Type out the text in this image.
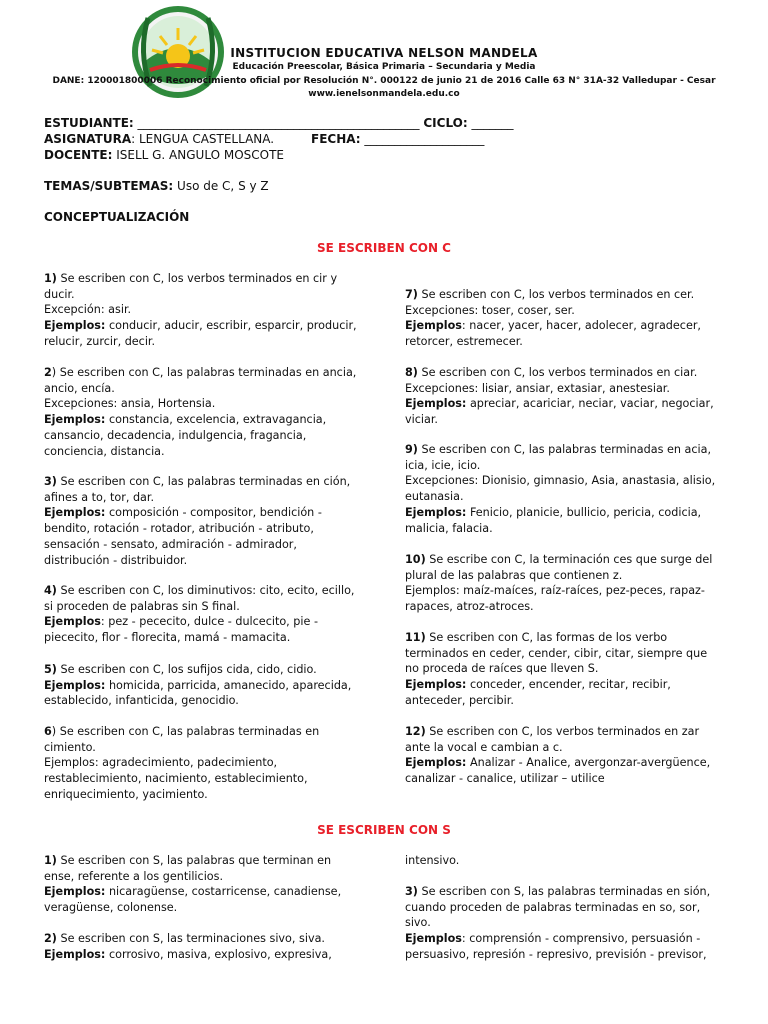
INSTITUCION EDUCATIVA NELSON MANDELA
Educación Preescolar, Básica Primaria – Secundaria y Media
DANE: 120001800006 Reconocimiento oficial por Resolución N°. 000122 de junio 21 de 2016 Calle 63 N° 31A-32 Valledupar - Cesar
www.ienelsonmandela.edu.co
ESTUDIANTE: _______________________________________________ CICLO: _______
ASIGNATURA: LENGUA CASTELLANA.	FECHA: ____________________
DOCENTE: ISELL G. ANGULO MOSCOTE
TEMAS/SUBTEMAS: Uso de C, S y Z
CONCEPTUALIZACIÓN
SE ESCRIBEN CON C

1) Se escriben con C, los verbos terminados en cir y ducir.

Excepción: asir.

Ejemplos: conducir, aducir, escribir, esparcir, producir, relucir, zurcir, decir.

2) Se escriben con C, las palabras terminadas en ancia, ancio, encía.

Excepciones: ansia, Hortensia.

Ejemplos: constancia, excelencia, extravagancia, cansancio, decadencia, indulgencia, fragancia, conciencia, distancia.

3) Se escriben con C, las palabras terminadas en ción, afines a to, tor, dar.

Ejemplos: composición - compositor, bendición - bendito, rotación - rotador, atribución - atributo, sensación - sensato, admiración - admirador, distribución - distribuidor.

4) Se escriben con C, los diminutivos: cito, ecito, ecillo, si proceden de palabras sin S final.

Ejemplos: pez - pececito, dulce - dulcecito, pie - piececito, flor - florecita, mamá - mamacita.

5) Se escriben con C, los sufijos cida, cido, cidio.

Ejemplos: homicida, parricida, amanecido, aparecida, establecido, infanticida, genocidio.

6) Se escriben con C, las palabras terminadas en cimiento.

Ejemplos: agradecimiento, padecimiento, restablecimiento, nacimiento, establecimiento, enriquecimiento, yacimiento.

7) Se escriben con C, los verbos terminados en cer.

Excepciones: toser, coser, ser.

Ejemplos: nacer, yacer, hacer, adolecer, agradecer, retorcer, estremecer.

8) Se escriben con C, los verbos terminados en ciar.

Excepciones: lisiar, ansiar, extasiar, anestesiar.

Ejemplos: apreciar, acariciar, neciar, vaciar, negociar, viciar.

9) Se escriben con C, las palabras terminadas en acia, icia, icie, icio.

Excepciones: Dionisio, gimnasio, Asia, anastasia, alisio, eutanasia.

Ejemplos: Fenicio, planicie, bullicio, pericia, codicia, malicia, falacia.

10) Se escribe con C, la terminación ces que surge del plural de las palabras que contienen z.

Ejemplos: maíz-maíces, raíz-raíces, pez-peces, rapaz-rapaces, atroz-atroces.

11) Se escriben con C, las formas de los verbo terminados en ceder, cender, cibir, citar, siempre que no proceda de raíces que lleven S.

Ejemplos: conceder, encender, recitar, recibir, anteceder, percibir.

12) Se escriben con C, los verbos terminados en zar ante la vocal e cambian a c.

Ejemplos: Analizar - Analice, avergonzar-avergüence, canalizar - canalice, utilizar – utilice

SE ESCRIBEN CON S

1) Se escriben con S, las palabras que terminan en ense, referente a los gentilicios.

Ejemplos: nicaragüense, costarricense, canadiense, veragüense, colonense.

2) Se escriben con S, las terminaciones sivo, siva.

Ejemplos: corrosivo, masiva, explosivo, expresiva,

intensivo.

3) Se escriben con S, las palabras terminadas en sión, cuando proceden de palabras terminadas en so, sor, sivo.

Ejemplos: comprensión - comprensivo, persuasión - persuasivo, represión - represivo, previsión - previsor,
